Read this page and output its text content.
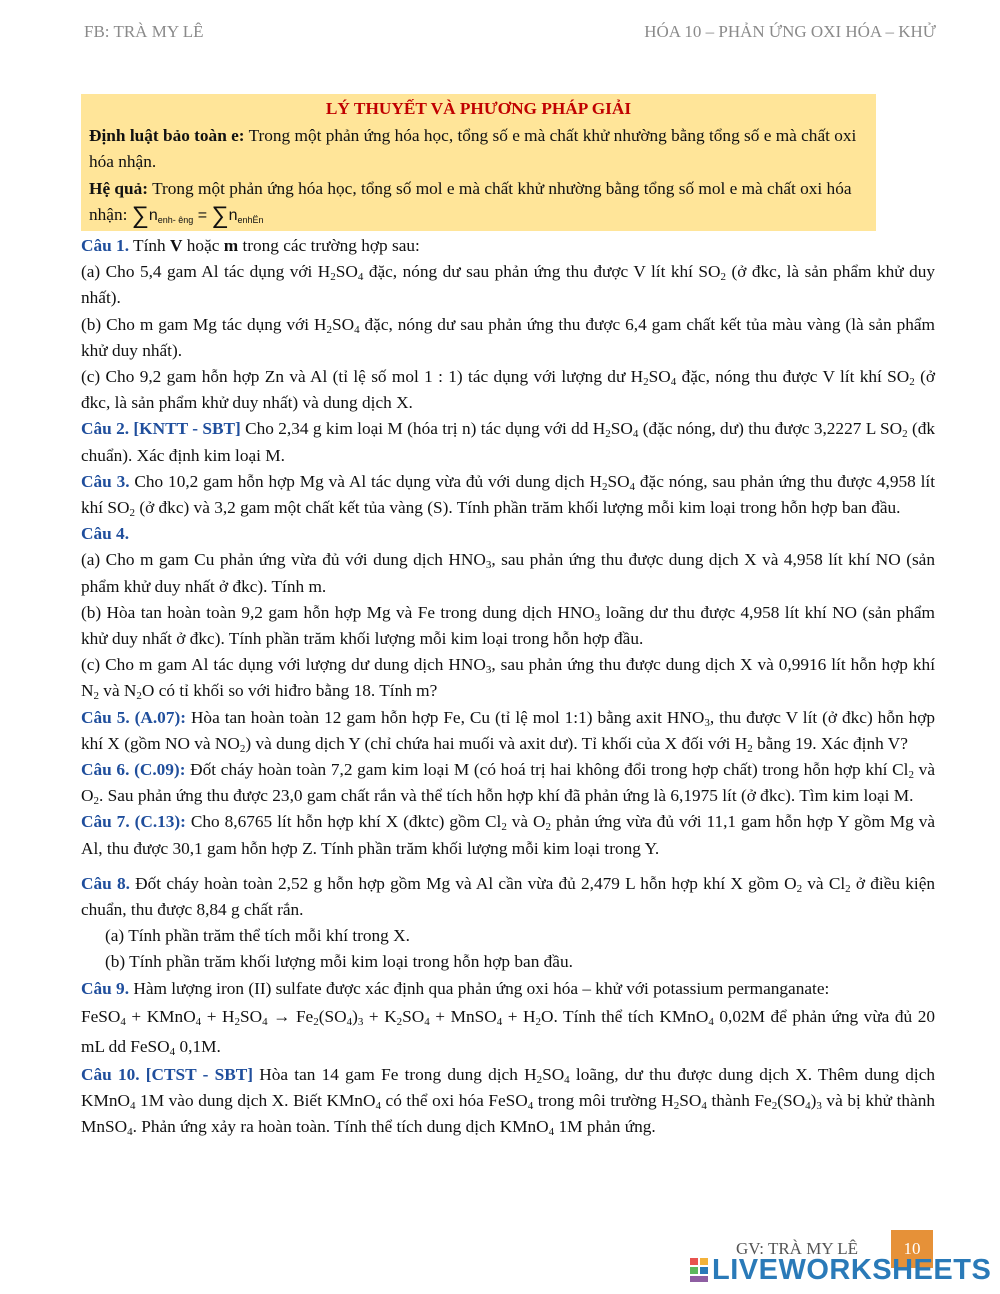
FB: TRÀ MY LÊ	HÓA 10 – PHẢN ỨNG OXI HÓA – KHỬ
LÝ THUYẾT VÀ PHƯƠNG PHÁP GIẢI
Định luật bảo toàn e: Trong một phản ứng hóa học, tổng số e mà chất khử nhường bằng tổng số e mà chất oxi hóa nhận.
Hệ quả: Trong một phản ứng hóa học, tổng số mol e mà chất khử nhường bằng tổng số mol e mà chất oxi hóa nhận: $\sum n_{enh- êng} = \sum n_{enhËn}$

Câu 1. Tính V hoặc m trong các trường hợp sau:

(a) Cho 5,4 gam Al tác dụng với $H_2SO_4$ đặc, nóng dư sau phản ứng thu được V lít khí $SO_2$ (ở đkc, là sản phẩm khử duy nhất).

(b) Cho m gam Mg tác dụng với $H_2SO_4$ đặc, nóng dư sau phản ứng thu được 6,4 gam chất kết tủa màu vàng (là sản phẩm khử duy nhất).

(c) Cho 9,2 gam hỗn hợp Zn và Al (tỉ lệ số mol 1 : 1) tác dụng với lượng dư $H_2SO_4$ đặc, nóng thu được V lít khí $SO_2$ (ở đkc, là sản phẩm khử duy nhất) và dung dịch X.

Câu 2. [KNTT - SBT] Cho 2,34 g kim loại M (hóa trị n) tác dụng với dd $H_2SO_4$ (đặc nóng, dư) thu được 3,2227 L $SO_2$ (đk chuẩn). Xác định kim loại M.

Câu 3. Cho 10,2 gam hỗn hợp Mg và Al tác dụng vừa đủ với dung dịch $H_2SO_4$ đặc nóng, sau phản ứng thu được 4,958 lít khí $SO_2$ (ở đkc) và 3,2 gam một chất kết tủa vàng (S). Tính phần trăm khối lượng mỗi kim loại trong hỗn hợp ban đầu.

Câu 4.

(a) Cho m gam Cu phản ứng vừa đủ với dung dịch $HNO_3$, sau phản ứng thu được dung dịch X và 4,958 lít khí NO (sản phẩm khử duy nhất ở đkc). Tính m.

(b) Hòa tan hoàn toàn 9,2 gam hỗn hợp Mg và Fe trong dung dịch $HNO_3$ loãng dư thu được 4,958 lít khí NO (sản phẩm khử duy nhất ở đkc). Tính phần trăm khối lượng mỗi kim loại trong hỗn hợp đầu.

(c) Cho m gam Al tác dụng với lượng dư dung dịch $HNO_3$, sau phản ứng thu được dung dịch X và 0,9916 lít hỗn hợp khí $N_2$ và $N_2O$ có tỉ khối so với hiđro bằng 18. Tính m?

Câu 5. (A.07): Hòa tan hoàn toàn 12 gam hỗn hợp Fe, Cu (tỉ lệ mol 1:1) bằng axit $HNO_3$, thu được V lít (ở đkc) hỗn hợp khí X (gồm NO và $NO_2$) và dung dịch Y (chỉ chứa hai muối và axit dư). Tỉ khối của X đối với $H_2$ bằng 19. Xác định V?

Câu 6. (C.09): Đốt cháy hoàn toàn 7,2 gam kim loại M (có hoá trị hai không đổi trong hợp chất) trong hỗn hợp khí $Cl_2$ và $O_2$. Sau phản ứng thu được 23,0 gam chất rắn và thể tích hỗn hợp khí đã phản ứng là 6,1975 lít (ở đkc). Tìm kim loại M.

Câu 7. (C.13): Cho 8,6765 lít hỗn hợp khí X (đktc) gồm $Cl_2$ và $O_2$ phản ứng vừa đủ với 11,1 gam hỗn hợp Y gồm Mg và Al, thu được 30,1 gam hỗn hợp Z. Tính phần trăm khối lượng mỗi kim loại trong Y.

Câu 8. Đốt cháy hoàn toàn 2,52 g hỗn hợp gồm Mg và Al cần vừa đủ 2,479 L hỗn hợp khí X gồm $O_2$ và $Cl_2$ ở điều kiện chuẩn, thu được 8,84 g chất rắn.

(a) Tính phần trăm thể tích mỗi khí trong X.

(b) Tính phần trăm khối lượng mỗi kim loại trong hỗn hợp ban đầu.

Câu 9. Hàm lượng iron (II) sulfate được xác định qua phản ứng oxi hóa – khử với potassium permanganate:

FeSO$_4$ + KMnO$_4$ + $H_2SO_4 \to Fe_2(SO_4)_3 + K_2SO_4$ + MnSO$_4$ + $H_2O$. Tính thể tích KMnO$_4$ 0,02M để phản ứng vừa đủ 20 mL dd FeSO$_4$ 0,1M.

Câu 10. [CTST - SBT] Hòa tan 14 gam Fe trong dung dịch $H_2SO_4$ loãng, dư thu được dung dịch X. Thêm dung dịch KMnO$_4$ 1M vào dung dịch X. Biết KMnO$_4$ có thể oxi hóa FeSO$_4$ trong môi trường $H_2SO_4$ thành $Fe_2(SO_4)_3$ và bị khử thành MnSO$_4$. Phản ứng xảy ra hoàn toàn. Tính thể tích dung dịch KMnO$_4$ 1M phản ứng.

GV: TRÀ MY LÊ	10
LIVEWORKSHEETS
